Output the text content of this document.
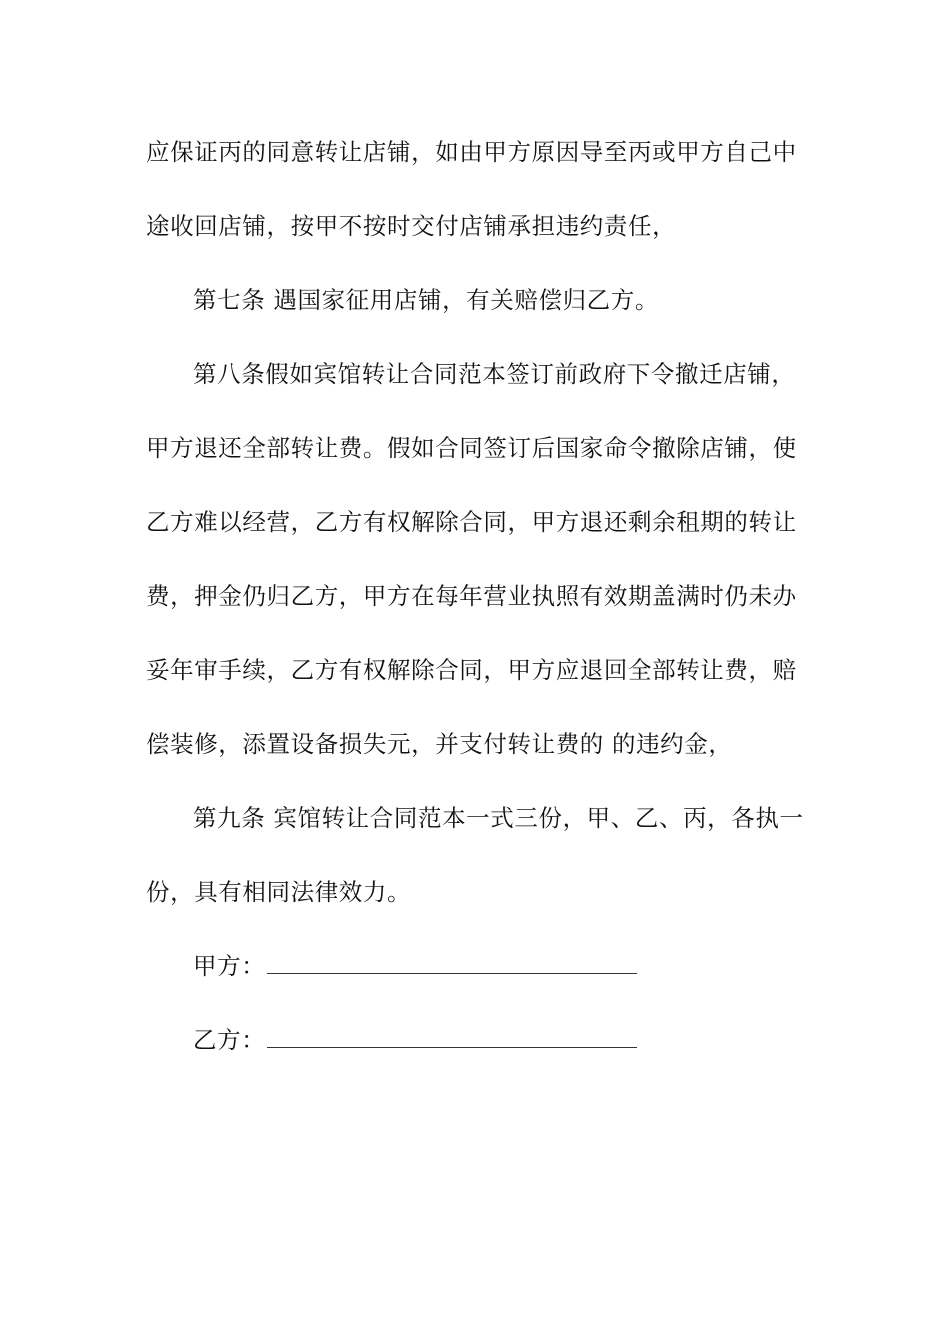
应保证丙的同意转让店铺，如由甲方原因导至丙或甲方自己中
途收回店铺，按甲不按时交付店铺承担违约责任，
第七条 遇国家征用店铺，有关赔偿归乙方。
第八条假如宾馆转让合同范本签订前政府下令撤迁店铺，
甲方退还全部转让费。假如合同签订后国家命令撤除店铺，使
乙方难以经营，乙方有权解除合同，甲方退还剩余租期的转让
费，押金仍归乙方，甲方在每年营业执照有效期盖满时仍未办
妥年审手续，乙方有权解除合同，甲方应退回全部转让费，赔
偿装修，添置设备损失元，并支付转让费的 的违约金，
第九条 宾馆转让合同范本一式三份，甲、乙、丙，各执一
份，具有相同法律效力。
甲方：
乙方：
